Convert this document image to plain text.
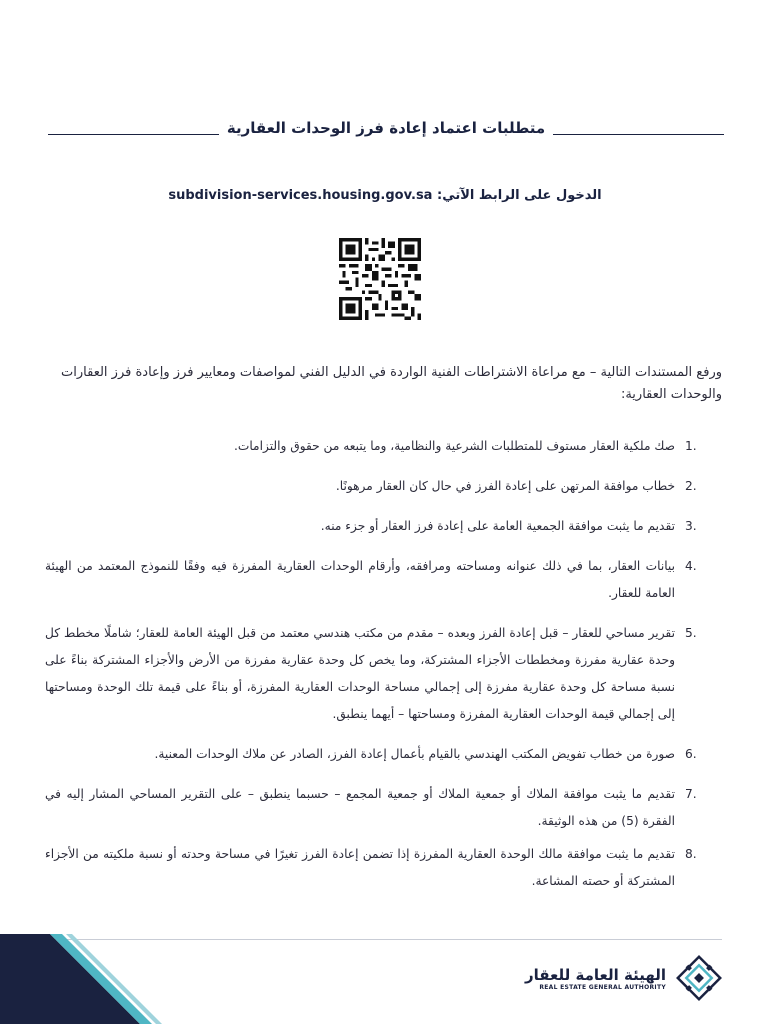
متطلبات اعتماد إعادة فرز الوحدات العقارية
الدخول على الرابط الآتي: subdivision-services.housing.gov.sa
ورفع المستندات التالية – مع مراعاة الاشتراطات الفنية الواردة في الدليل الفني لمواصفات ومعايير فرز وإعادة فرز العقارات والوحدات العقارية:
1.
صك ملكية العقار مستوف للمتطلبات الشرعية والنظامية، وما يتبعه من حقوق والتزامات.
2.
خطاب موافقة المرتهن على إعادة الفرز في حال كان العقار مرهونًا.
3.
تقديم ما يثبت موافقة الجمعية العامة على إعادة فرز العقار أو جزء منه.
4.
بيانات العقار، بما في ذلك عنوانه ومساحته ومرافقه، وأرقام الوحدات العقارية المفرزة فيه وفقًا للنموذج المعتمد من الهيئة العامة للعقار.
5.
تقرير مساحي للعقار – قبل إعادة الفرز وبعده – مقدم من مكتب هندسي معتمد من قبل الهيئة العامة للعقار؛ شاملًا مخطط كل وحدة عقارية مفرزة ومخططات الأجزاء المشتركة، وما يخص كل وحدة عقارية مفرزة من الأرض والأجزاء المشتركة بناءً على نسبة مساحة كل وحدة عقارية مفرزة إلى إجمالي مساحة الوحدات العقارية المفرزة، أو بناءً على قيمة تلك الوحدة ومساحتها إلى إجمالي قيمة الوحدات العقارية المفرزة ومساحتها – أيهما ينطبق.
6.
صورة من خطاب تفويض المكتب الهندسي بالقيام بأعمال إعادة الفرز، الصادر عن ملاك الوحدات المعنية.
7.
تقديم ما يثبت موافقة الملاك أو جمعية الملاك أو جمعية المجمع – حسبما ينطبق – على التقرير المساحي المشار إليه في الفقرة (5) من هذه الوثيقة.
8.
تقديم ما يثبت موافقة مالك الوحدة العقارية المفرزة إذا تضمن إعادة الفرز تغيرًا في مساحة وحدته أو نسبة ملكيته من الأجزاء المشتركة أو حصته المشاعة.
الهيئة العامة للعقار
REAL ESTATE GENERAL AUTHORITY
